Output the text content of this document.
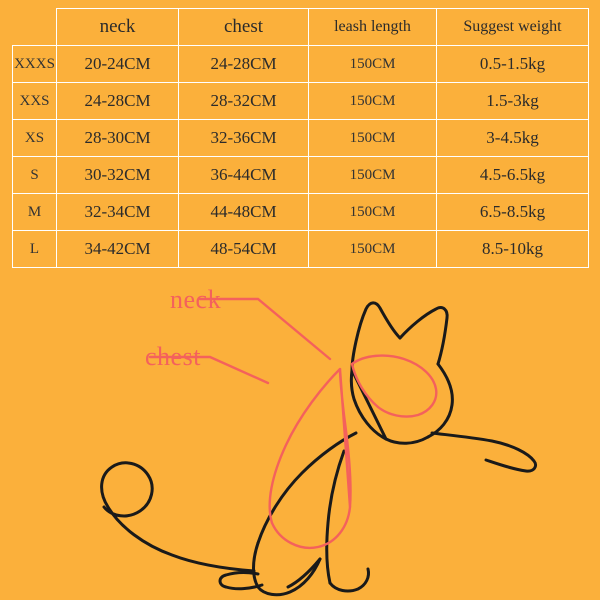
	neck	chest	leash length	Suggest weight
XXXS	20-24CM	24-28CM	150CM	0.5-1.5kg
XXS	24-28CM	28-32CM	150CM	1.5-3kg
XS	28-30CM	32-36CM	150CM	3-4.5kg
S	30-32CM	36-44CM	150CM	4.5-6.5kg
M	32-34CM	44-48CM	150CM	6.5-8.5kg
L	34-42CM	48-54CM	150CM	8.5-10kg
neck
chest
